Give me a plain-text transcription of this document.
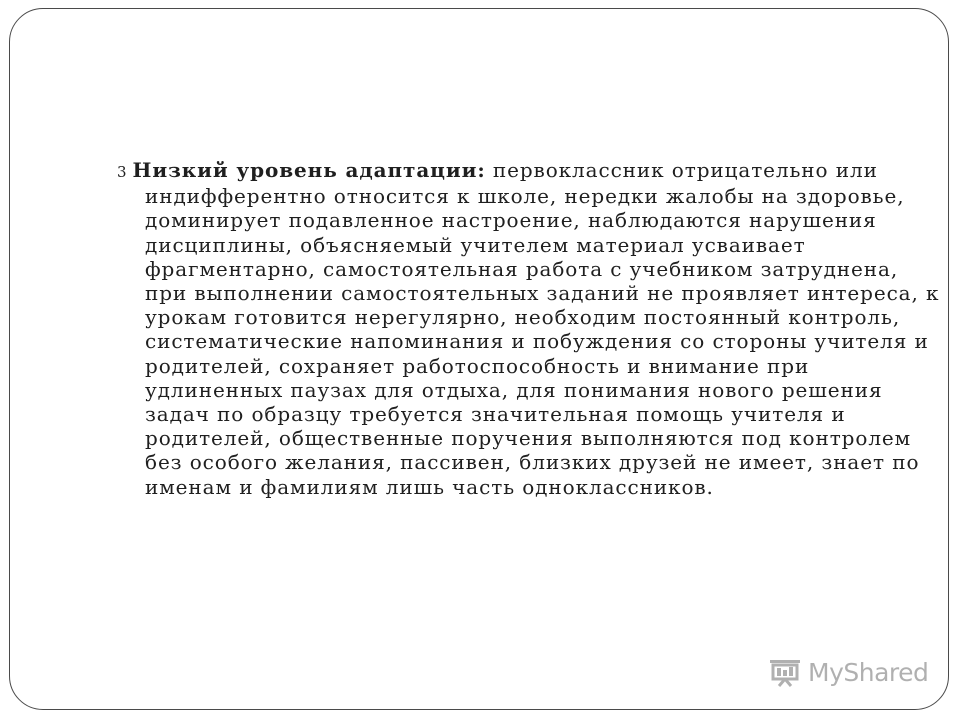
3 Низкий уровень адаптации: первоклассник отрицательно или индифферентно относится к школе, нередки жалобы на здоровье, доминирует подавленное настроение, наблюдаются нарушения дисциплины, объясняемый учителем материал усваивает фрагментарно, самостоятельная работа с учебником затруднена, при выполнении самостоятельных заданий не проявляет интереса, к урокам готовится нерегулярно, необходим постоянный контроль, систематические напоминания и побуждения со стороны учителя и родителей, сохраняет работоспособность и внимание при удлиненных паузах для отдыха, для понимания нового решения задач по образцу требуется значительная помощь учителя и родителей, общественные поручения выполняются под контролем без особого желания, пассивен, близких друзей не имеет, знает по именам и фамилиям лишь часть одноклассников.

MyShared
